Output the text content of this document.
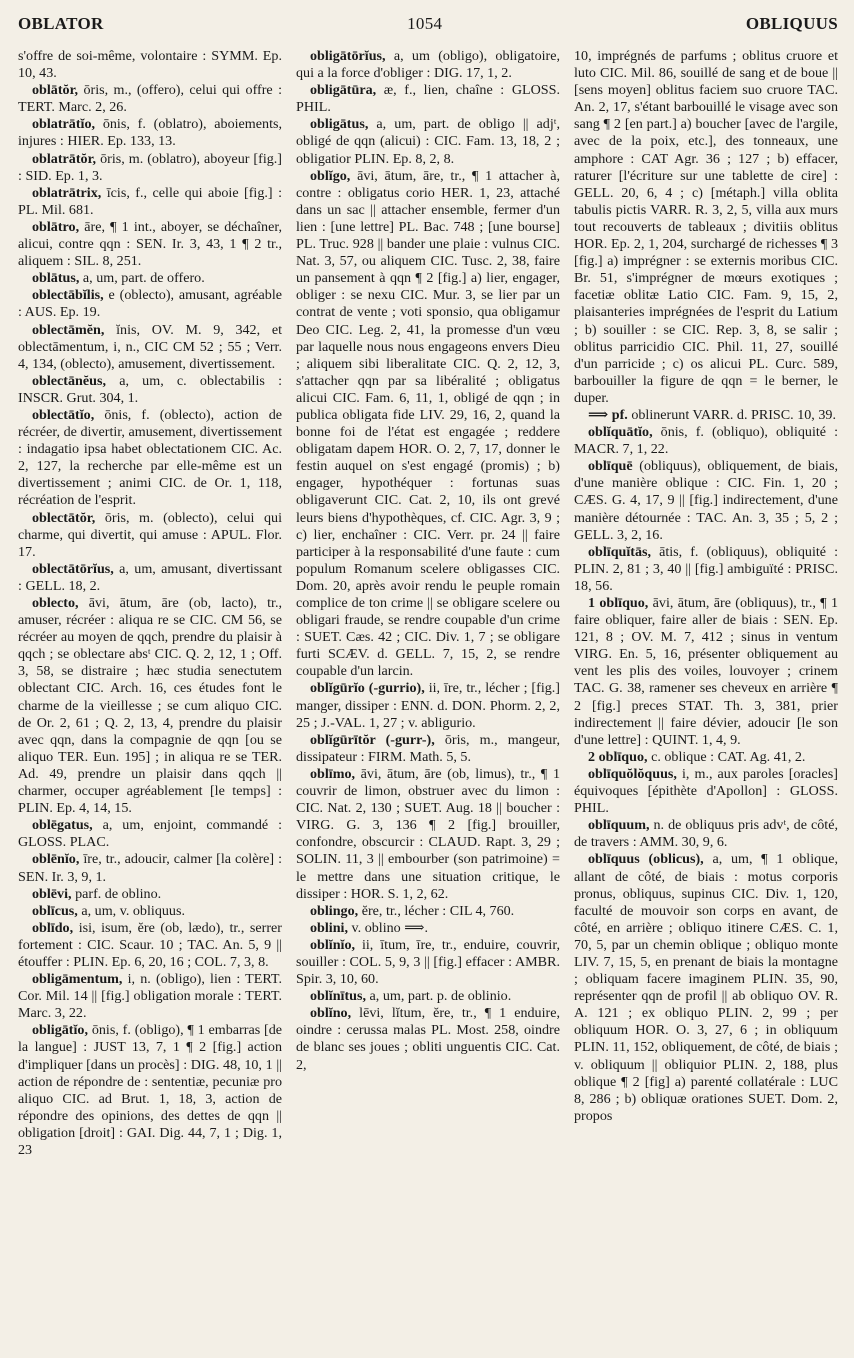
OBLATOR	1054	OBLIQUUS

s'offre de soi-même, volontaire : SYMM. Ep. 10, 43.

oblātŏr, ōris, m., (offero), celui qui offre : TERT. Marc. 2, 26.

oblatrātĭo, ōnis, f. (oblatro), aboiements, injures : HIER. Ep. 133, 13.

oblatrātŏr, ōris, m. (oblatro), aboyeur [fig.] : SID. Ep. 1, 3.

oblatrātrix, īcis, f., celle qui aboie [fig.] : PL. Mil. 681.

oblātro, āre, ¶ 1 int., aboyer, se déchaîner, alicui, contre qqn : SEN. Ir. 3, 43, 1 ¶ 2 tr., aliquem : SIL. 8, 251.

oblātus, a, um, part. de offero.

oblectābĭlis, e (oblecto), amusant, agréable : AUS. Ep. 19.

oblectāmĕn, ĭnis, OV. M. 9, 342, et oblectāmentum, i, n., CIC CM 52 ; 55 ; Verr. 4, 134, (oblecto), amusement, divertissement.

oblectānĕus, a, um, c. oblectabilis : INSCR. Grut. 304, 1.

oblectātĭo, ōnis, f. (oblecto), action de récréer, de divertir, amusement, divertissement : indagatio ipsa habet oblectationem CIC. Ac. 2, 127, la recherche par elle-même est un divertissement ; animi CIC. de Or. 1, 118, récréation de l'esprit.

oblectātŏr, ōris, m. (oblecto), celui qui charme, qui divertit, qui amuse : APUL. Flor. 17.

oblectātōrĭus, a, um, amusant, divertissant : GELL. 18, 2.

oblecto, āvi, ātum, āre (ob, lacto), tr., amuser, récréer : aliqua re se CIC. CM 56, se récréer au moyen de qqch, prendre du plaisir à qqch ; se oblectare absᵗ CIC. Q. 2, 12, 1 ; Off. 3, 58, se distraire ; hæc studia senectutem oblectant CIC. Arch. 16, ces études font le charme de la vieillesse ; se cum aliquo CIC. de Or. 2, 61 ; Q. 2, 13, 4, prendre du plaisir avec qqn, dans la compagnie de qqn [ou se aliquo TER. Eun. 195] ; in aliqua re se TER. Ad. 49, prendre un plaisir dans qqch || charmer, occuper agréablement [le temps] : PLIN. Ep. 4, 14, 15.

oblēgatus, a, um, enjoint, commandé : GLOSS. PLAC.

oblēnĭo, īre, tr., adoucir, calmer [la colère] : SEN. Ir. 3, 9, 1.

oblēvi, parf. de oblino.

oblīcus, a, um, v. obliquus.

oblīdo, isi, isum, ĕre (ob, lædo), tr., serrer fortement : CIC. Scaur. 10 ; TAC. An. 5, 9 || étouffer : PLIN. Ep. 6, 20, 16 ; COL. 7, 3, 8.

obligāmentum, i, n. (obligo), lien : TERT. Cor. Mil. 14 || [fig.] obligation morale : TERT. Marc. 3, 22.

obligātĭo, ōnis, f. (obligo), ¶ 1 embarras [de la langue] : JUST 13, 7, 1 ¶ 2 [fig.] action d'impliquer [dans un procès] : DIG. 48, 10, 1 || action de répondre de : sententiæ, pecuniæ pro aliquo CIC. ad Brut. 1, 18, 3, action de répondre des opinions, des dettes de qqn || obligation [droit] : GAI. Dig. 44, 7, 1 ; Dig. 1, 23

obligātōrĭus, a, um (obligo), obligatoire, qui a la force d'obliger : DIG. 17, 1, 2.

obligātūra, æ, f., lien, chaîne : GLOSS. PHIL.

obligātus, a, um, part. de obligo || adjᵗ, obligé de qqn (alicui) : CIC. Fam. 13, 18, 2 ; obligatior PLIN. Ep. 8, 2, 8.

oblĭgo, āvi, ātum, āre, tr., ¶ 1 attacher à, contre : obligatus corio HER. 1, 23, attaché dans un sac || attacher ensemble, fermer d'un lien : [une lettre] PL. Bac. 748 ; [une bourse] PL. Truc. 928 || bander une plaie : vulnus CIC. Nat. 3, 57, ou aliquem CIC. Tusc. 2, 38, faire un pansement à qqn ¶ 2 [fig.] a) lier, engager, obliger : se nexu CIC. Mur. 3, se lier par un contrat de vente ; voti sponsio, qua obligamur Deo CIC. Leg. 2, 41, la promesse d'un vœu par laquelle nous nous engageons envers Dieu ; aliquem sibi liberalitate CIC. Q. 2, 12, 3, s'attacher qqn par sa libéralité ; obligatus alicui CIC. Fam. 6, 11, 1, obligé de qqn ; in publica obligata fide LIV. 29, 16, 2, quand la bonne foi de l'état est engagée ; reddere obligatam dapem HOR. O. 2, 7, 17, donner le festin auquel on s'est engagé (promis) ; b) engager, hypothéquer : fortunas suas obligaverunt CIC. Cat. 2, 10, ils ont grevé leurs biens d'hypothèques, cf. CIC. Agr. 3, 9 ; c) lier, enchaîner : CIC. Verr. pr. 24 || faire participer à la responsabilité d'une faute : cum populum Romanum scelere obligasses CIC. Dom. 20, après avoir rendu le peuple romain complice de ton crime || se obligare scelere ou obligari fraude, se rendre coupable d'un crime : SUET. Cæs. 42 ; CIC. Div. 1, 7 ; se obligare furti SCÆV. d. GELL. 7, 15, 2, se rendre coupable d'un larcin.

oblĭgūrĭo (-gurrio), ii, īre, tr., lécher ; [fig.] manger, dissiper : ENN. d. DON. Phorm. 2, 2, 25 ; J.-VAL. 1, 27 ; v. abligurio.

oblĭgūrītŏr (-gurr-), ōris, m., mangeur, dissipateur : FIRM. Math. 5, 5.

oblīmo, āvi, ātum, āre (ob, limus), tr., ¶ 1 couvrir de limon, obstruer avec du limon : CIC. Nat. 2, 130 ; SUET. Aug. 18 || boucher : VIRG. G. 3, 136 ¶ 2 [fig.] brouiller, confondre, obscurcir : CLAUD. Rapt. 3, 29 ; SOLIN. 11, 3 || embourber (son patrimoine) = le mettre dans une situation critique, le dissiper : HOR. S. 1, 2, 62.

oblingo, ĕre, tr., lécher : CIL 4, 760.

oblini, v. oblino ⟹.

oblĭnĭo, ii, ītum, īre, tr., enduire, couvrir, souiller : COL. 5, 9, 3 || [fig.] effacer : AMBR. Spir. 3, 10, 60.

oblĭnītus, a, um, part. p. de oblinio.

oblĭno, lēvi, lĭtum, ĕre, tr., ¶ 1 enduire, oindre : cerussa malas PL. Most. 258, oindre de blanc ses joues ; obliti unguentis CIC. Cat. 2,

10, imprégnés de parfums ; oblitus cruore et luto CIC. Mil. 86, souillé de sang et de boue || [sens moyen] oblitus faciem suo cruore TAC. An. 2, 17, s'étant barbouillé le visage avec son sang ¶ 2 [en part.] a) boucher [avec de l'argile, avec de la poix, etc.], des tonneaux, une amphore : CAT Agr. 36 ; 127 ; b) effacer, raturer [l'écriture sur une tablette de cire] : GELL. 20, 6, 4 ; c) [métaph.] villa oblita tabulis pictis VARR. R. 3, 2, 5, villa aux murs tout recouverts de tableaux ; divitiis oblitus HOR. Ep. 2, 1, 204, surchargé de richesses ¶ 3 [fig.] a) imprégner : se externis moribus CIC. Br. 51, s'imprégner de mœurs exotiques ; facetiæ oblitæ Latio CIC. Fam. 9, 15, 2, plaisanteries imprégnées de l'esprit du Latium ; b) souiller : se CIC. Rep. 3, 8, se salir ; oblitus parricidio CIC. Phil. 11, 27, souillé d'un parricide ; c) os alicui PL. Curc. 589, barbouiller la figure de qqn = le berner, le duper.

⟹ pf. oblinerunt VARR. d. PRISC. 10, 39.

oblĭquātĭo, ōnis, f. (obliquo), obliquité : MACR. 7, 1, 22.

oblīquē (obliquus), obliquement, de biais, d'une manière oblique : CIC. Fin. 1, 20 ; CÆS. G. 4, 17, 9 || [fig.] indirectement, d'une manière détournée : TAC. An. 3, 35 ; 5, 2 ; GELL. 3, 2, 16.

oblīquĭtās, ātis, f. (obliquus), obliquité : PLIN. 2, 81 ; 3, 40 || [fig.] ambiguïté : PRISC. 18, 56.

1 oblīquo, āvi, ātum, āre (obliquus), tr., ¶ 1 faire obliquer, faire aller de biais : SEN. Ep. 121, 8 ; OV. M. 7, 412 ; sinus in ventum VIRG. En. 5, 16, présenter obliquement au vent les plis des voiles, louvoyer ; crinem TAC. G. 38, ramener ses cheveux en arrière ¶ 2 [fig.] preces STAT. Th. 3, 381, prier indirectement || faire dévier, adoucir [le son d'une lettre] : QUINT. 1, 4, 9.

2 oblīquo, c. oblique : CAT. Ag. 41, 2.

oblīquŏlŏquus, i, m., aux paroles [oracles] équivoques [épithète d'Apollon] : GLOSS. PHIL.

oblīquum, n. de obliquus pris advᵗ, de côté, de travers : AMM. 30, 9, 6.

oblīquus (oblicus), a, um, ¶ 1 oblique, allant de côté, de biais : motus corporis pronus, obliquus, supinus CIC. Div. 1, 120, faculté de mouvoir son corps en avant, de côté, en arrière ; obliquo itinere CÆS. C. 1, 70, 5, par un chemin oblique ; obliquo monte LIV. 7, 15, 5, en prenant de biais la montagne ; obliquam facere imaginem PLIN. 35, 90, représenter qqn de profil || ab obliquo OV. R. A. 121 ; ex obliquo PLIN. 2, 99 ; per obliquum HOR. O. 3, 27, 6 ; in obliquum PLIN. 11, 152, obliquement, de côté, de biais ; v. obliquum || obliquior PLIN. 2, 188, plus oblique ¶ 2 [fig] a) parenté collatérale : LUC 8, 286 ; b) obliquæ orationes SUET. Dom. 2, propos
